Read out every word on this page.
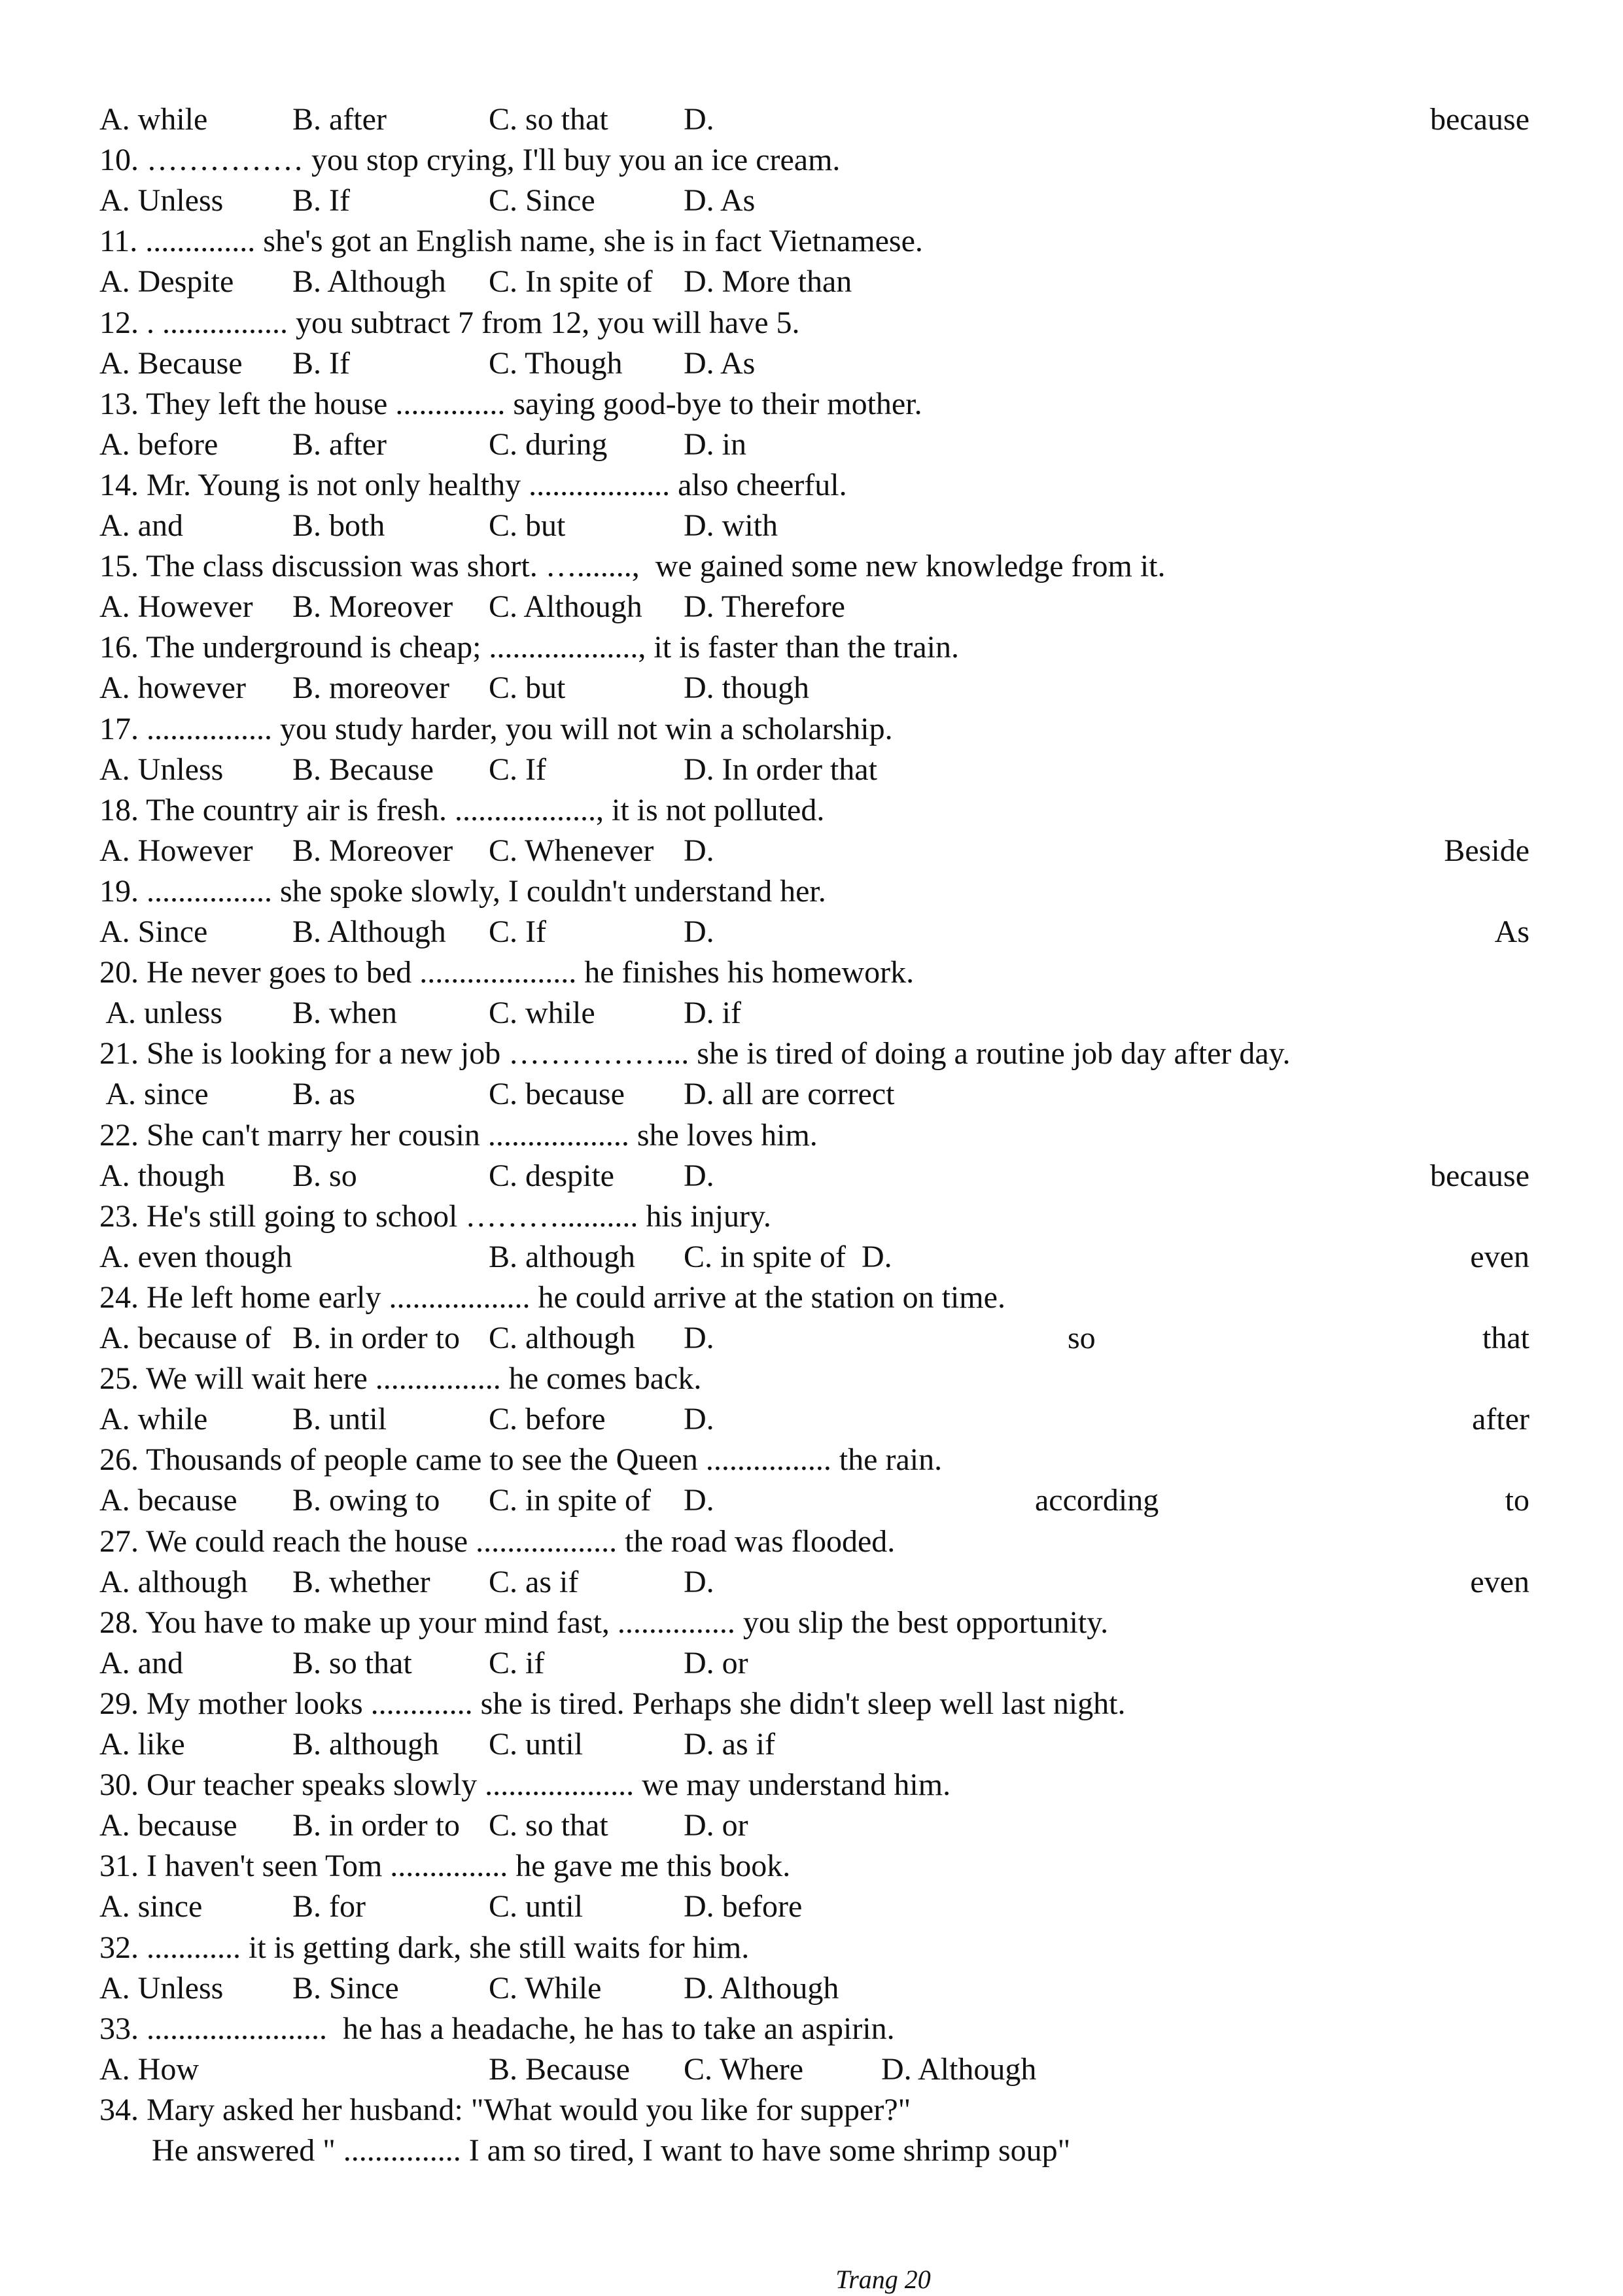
A. while	B. after	C. so that D.	because
10. …………… you stop crying, I'll buy you an ice cream.
A. Unless B. If	C. Since	D. As
11. .............. she's got an English name, she is in fact Vietnamese.
A. Despite B. Although C. In spite of D. More than
12. . ................ you subtract 7 from 12, you will have 5.
A. Because B. If	C. Though D. As
13. They left the house .............. saying good-bye to their mother.
A. before B. after	C. during D. in
14. Mr. Young is not only healthy .................. also cheerful.
A. and	B. both	C. but	D. with
15. The class discussion was short. ….......,  we gained some new knowledge from it.
A. However B. Moreover C. Although D. Therefore
16. The underground is cheap; ..................., it is faster than the train.
A. however B. moreover C. but	D. though
17. ................ you study harder, you will not win a scholarship.
A. Unless B. Because C. If	D. In order that
18. The country air is fresh. .................., it is not polluted.
A. However B. Moreover C. Whenever D.	Beside
19. ................ she spoke slowly, I couldn't understand her.
A. Since	B. Although C. If	D.	As
20. He never goes to bed .................... he finishes his homework.
A. unless B. when	C. while	D. if
21. She is looking for a new job ……………... she is tired of doing a routine job day after day.
A. since	B. as	C. because D. all are correct
22. She can't marry her cousin .................. she loves him.
A. though B. so	C. despite D.	because
23. He's still going to school ……….......... his injury.
A. even though	B. although C. in spite of  D.	even
24. He left home early .................. he could arrive at the station on time.
A. because of B. in order to C. although D.	so	that
25. We will wait here ................ he comes back.
A. while	B. until	C. before D.	after
26. Thousands of people came to see the Queen ................ the rain.
A. because B. owing to C. in spite of D.	according	to
27. We could reach the house .................. the road was flooded.
A. although B. whether C. as if	D.	even
28. You have to make up your mind fast, ............... you slip the best opportunity.
A. and	B. so that C. if	D. or
29. My mother looks ............. she is tired. Perhaps she didn't sleep well last night.
A. like	B. although C. until	D. as if
30. Our teacher speaks slowly ................... we may understand him.
A. because B. in order to C. so that D. or
31. I haven't seen Tom ............... he gave me this book.
A. since	B. for	C. until	D. before
32. ............ it is getting dark, she still waits for him.
A. Unless B. Since	C. While	D. Although
33. .......................  he has a headache, he has to take an aspirin.
A. How	B. Because C. Where D. Although
34. Mary asked her husband: "What would you like for supper?"
He answered " ............... I am so tired, I want to have some shrimp soup"
Trang 20
